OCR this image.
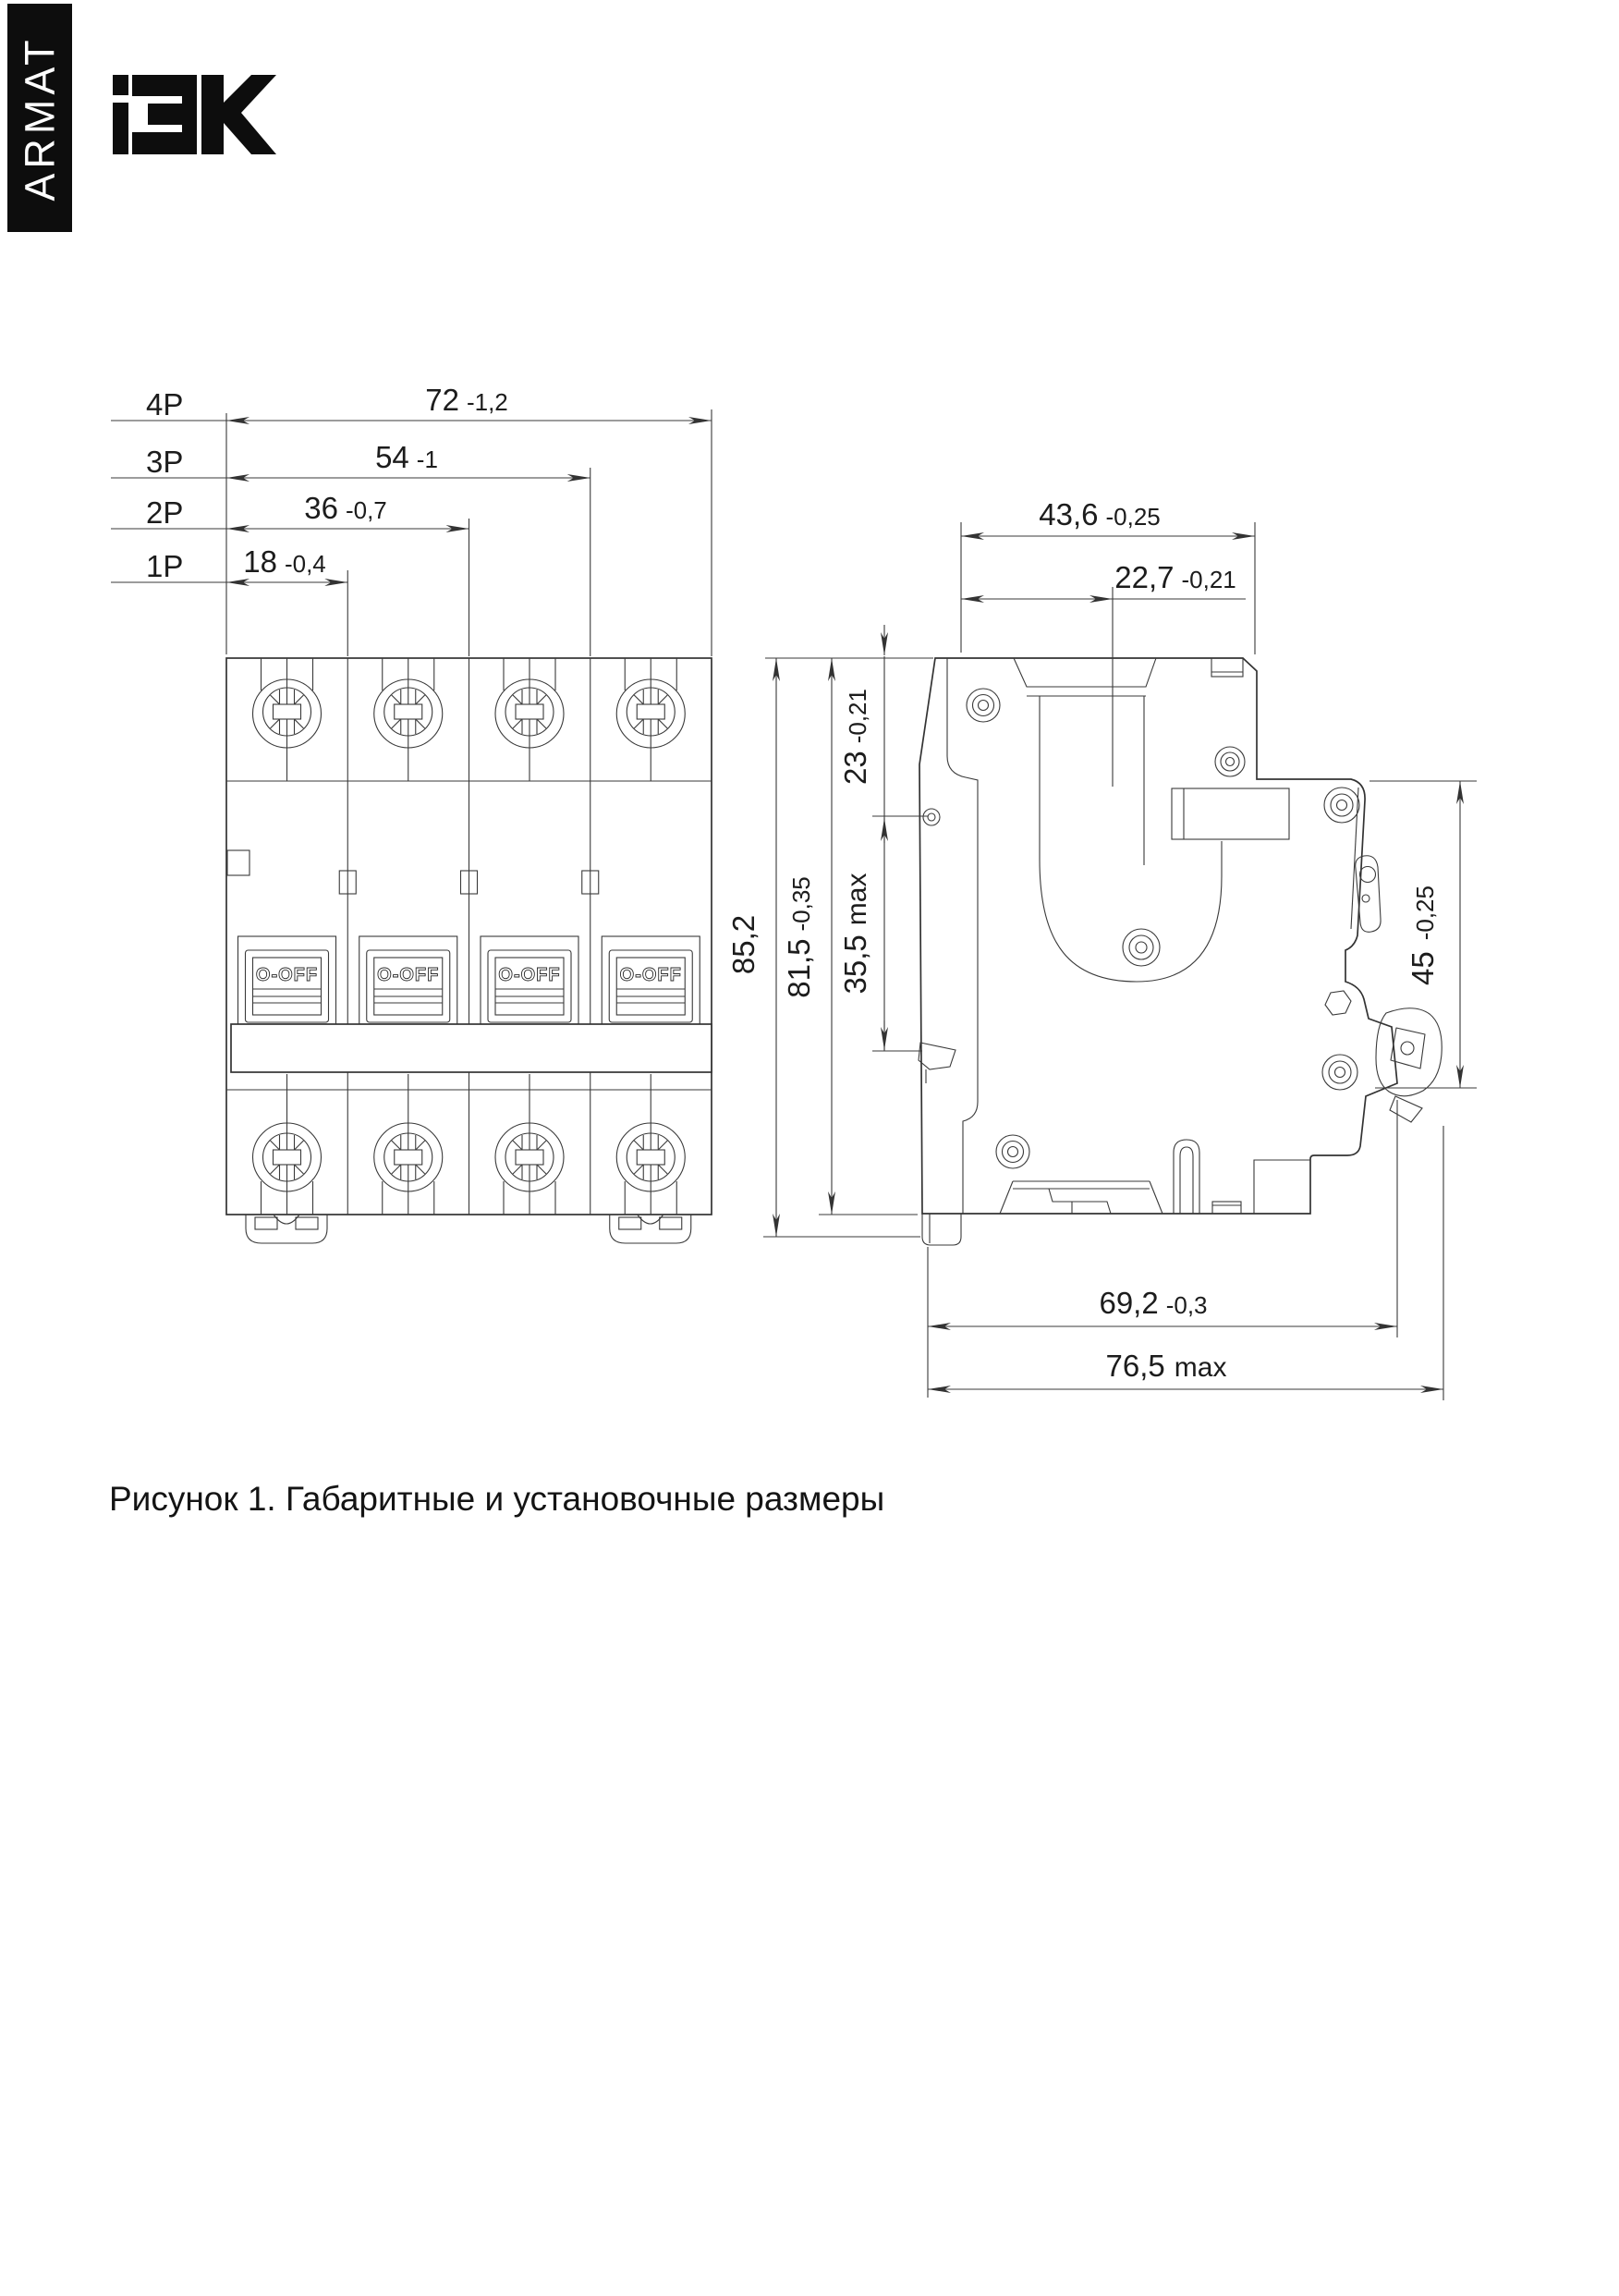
ARMAT
4P
3P
2P
1P
72 -1,2
54 -1
36 -0,7
18 -0,4
43,6 -0,25
22,7 -0,21
69,2 -0,3
76,5 max
23-0,21
35,5max
81,5-0,35
85,2	45-0,25
Рисунок 1. Габаритные и установочные размеры
